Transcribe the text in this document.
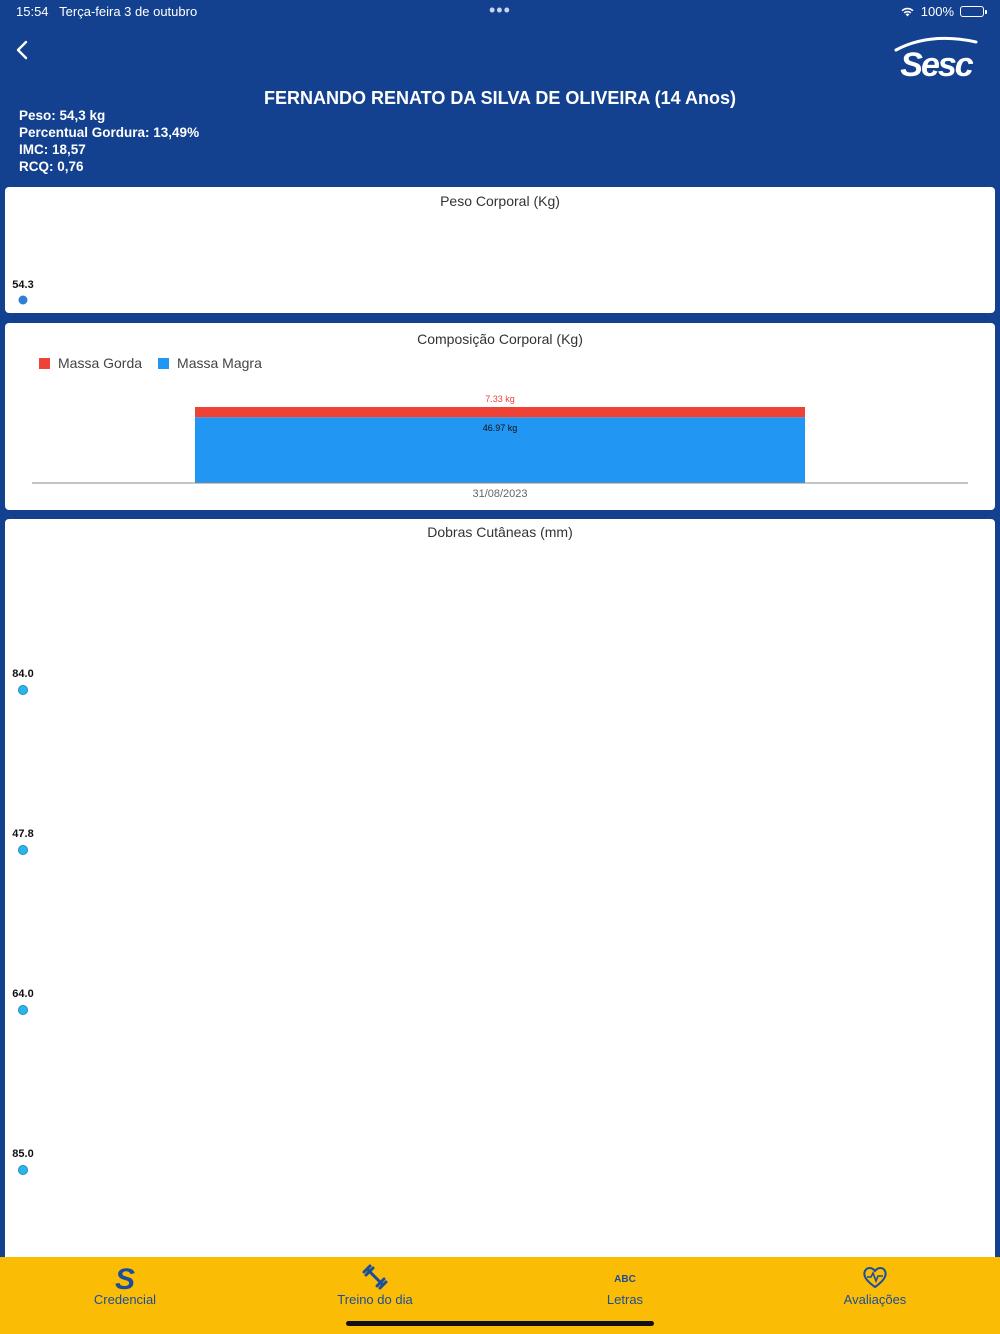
15:54 Terça-feira 3 de outubro	•••	100%
Sesc
FERNANDO RENATO DA SILVA DE OLIVEIRA (14 Anos)
Peso: 54,3 kg
Percentual Gordura: 13,49%
IMC: 18,57
RCQ: 0,76
Peso Corporal (Kg)
54.3
Composição Corporal (Kg)
Massa Gorda	Massa Magra
7.33 kg
46.97 kg
31/08/2023
Dobras Cutâneas (mm)
84.0
47.8
64.0
85.0
S
Credencial	Treino do dia
ABC
Letras	Avaliações
